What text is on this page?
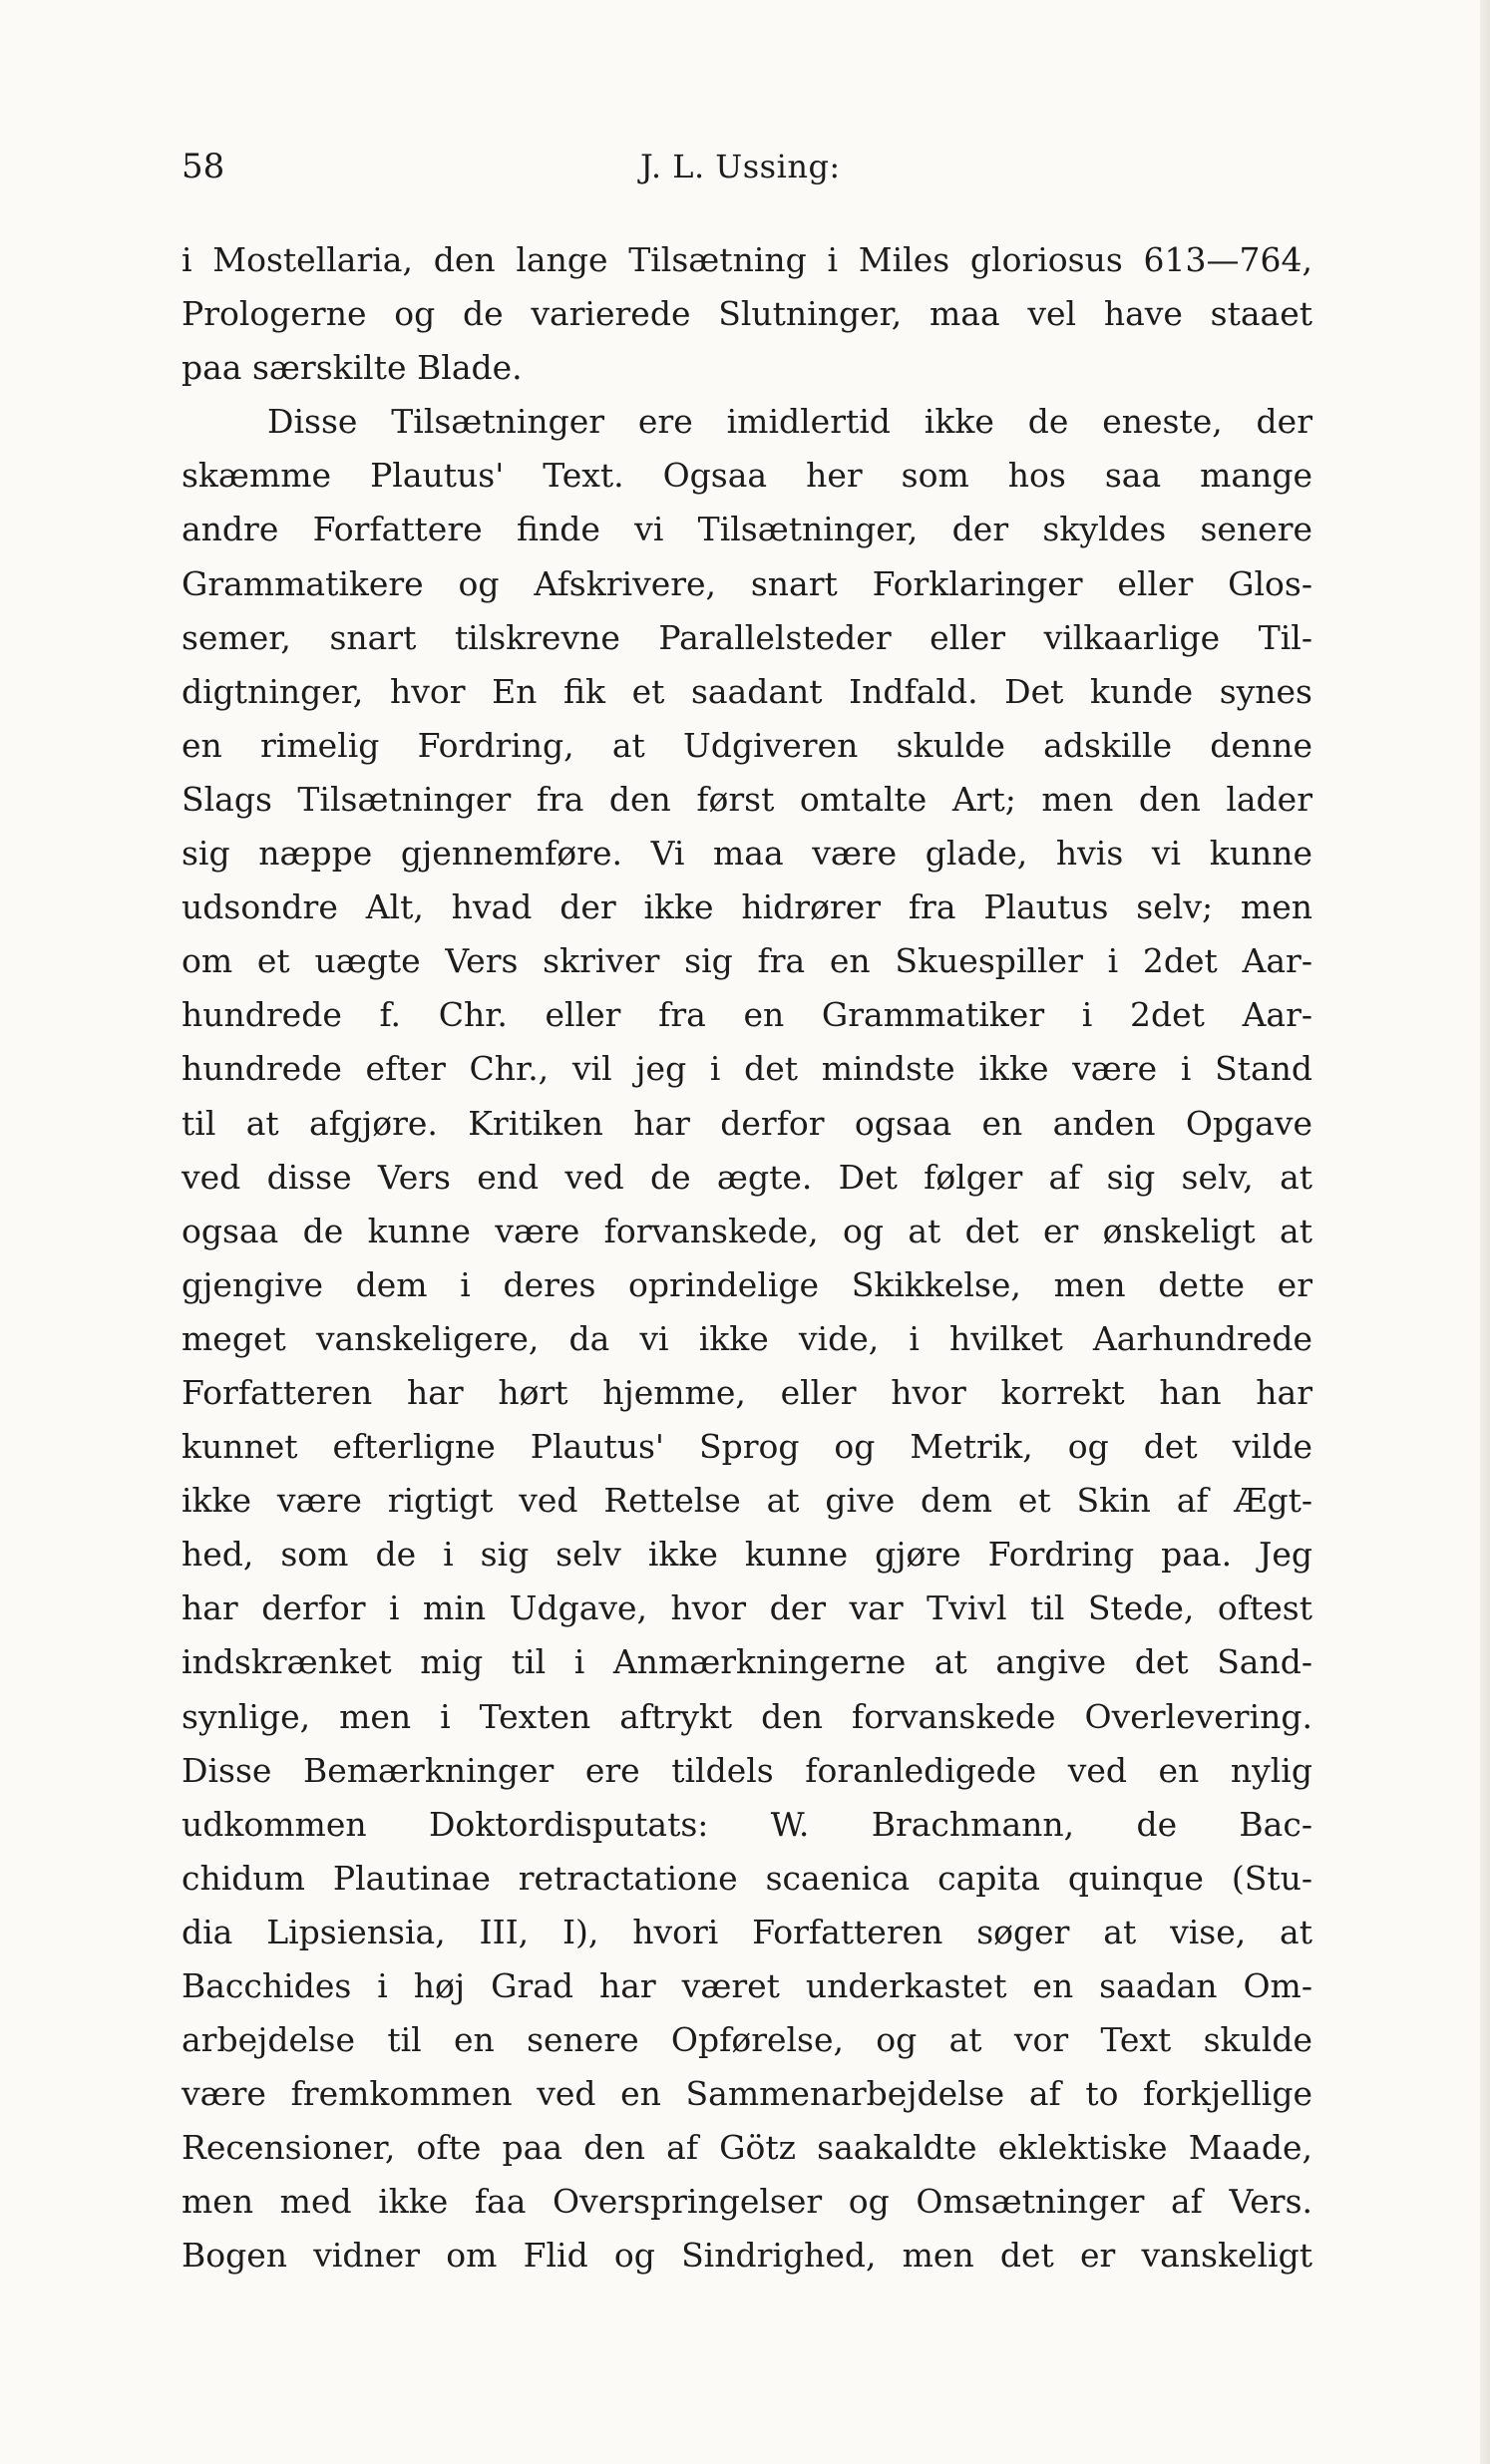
58	J. L. Ussing:
i Mostellaria, den lange Tilsætning i Miles gloriosus 613—764,
Prologerne og de varierede Slutninger, maa vel have staaet
paa særskilte Blade.
Disse Tilsætninger ere imidlertid ikke de eneste, der
skæmme Plautus' Text. Ogsaa her som hos saa mange
andre Forfattere finde vi Tilsætninger, der skyldes senere
Grammatikere og Afskrivere, snart Forklaringer eller Glos-
semer, snart tilskrevne Parallelsteder eller vilkaarlige Til-
digtninger, hvor En fik et saadant Indfald. Det kunde synes
en rimelig Fordring, at Udgiveren skulde adskille denne
Slags Tilsætninger fra den først omtalte Art; men den lader
sig næppe gjennemføre. Vi maa være glade, hvis vi kunne
udsondre Alt, hvad der ikke hidrører fra Plautus selv; men
om et uægte Vers skriver sig fra en Skuespiller i 2det Aar-
hundrede f. Chr. eller fra en Grammatiker i 2det Aar-
hundrede efter Chr., vil jeg i det mindste ikke være i Stand
til at afgjøre. Kritiken har derfor ogsaa en anden Opgave
ved disse Vers end ved de ægte. Det følger af sig selv, at
ogsaa de kunne være forvanskede, og at det er ønskeligt at
gjengive dem i deres oprindelige Skikkelse, men dette er
meget vanskeligere, da vi ikke vide, i hvilket Aarhundrede
Forfatteren har hørt hjemme, eller hvor korrekt han har
kunnet efterligne Plautus' Sprog og Metrik, og det vilde
ikke være rigtigt ved Rettelse at give dem et Skin af Ægt-
hed, som de i sig selv ikke kunne gjøre Fordring paa. Jeg
har derfor i min Udgave, hvor der var Tvivl til Stede, oftest
indskrænket mig til i Anmærkningerne at angive det Sand-
synlige, men i Texten aftrykt den forvanskede Overlevering.
Disse Bemærkninger ere tildels foranledigede ved en nylig
udkommen Doktordisputats: W. Brachmann, de Bac-
chidum Plautinae retractatione scaenica capita quinque (Stu-
dia Lipsiensia, III, I), hvori Forfatteren søger at vise, at
Bacchides i høj Grad har været underkastet en saadan Om-
arbejdelse til en senere Opførelse, og at vor Text skulde
være fremkommen ved en Sammenarbejdelse af to forkjellige
Recensioner, ofte paa den af Götz saakaldte eklektiske Maade,
men med ikke faa Overspringelser og Omsætninger af Vers.
Bogen vidner om Flid og Sindrighed, men det er vanskeligt
